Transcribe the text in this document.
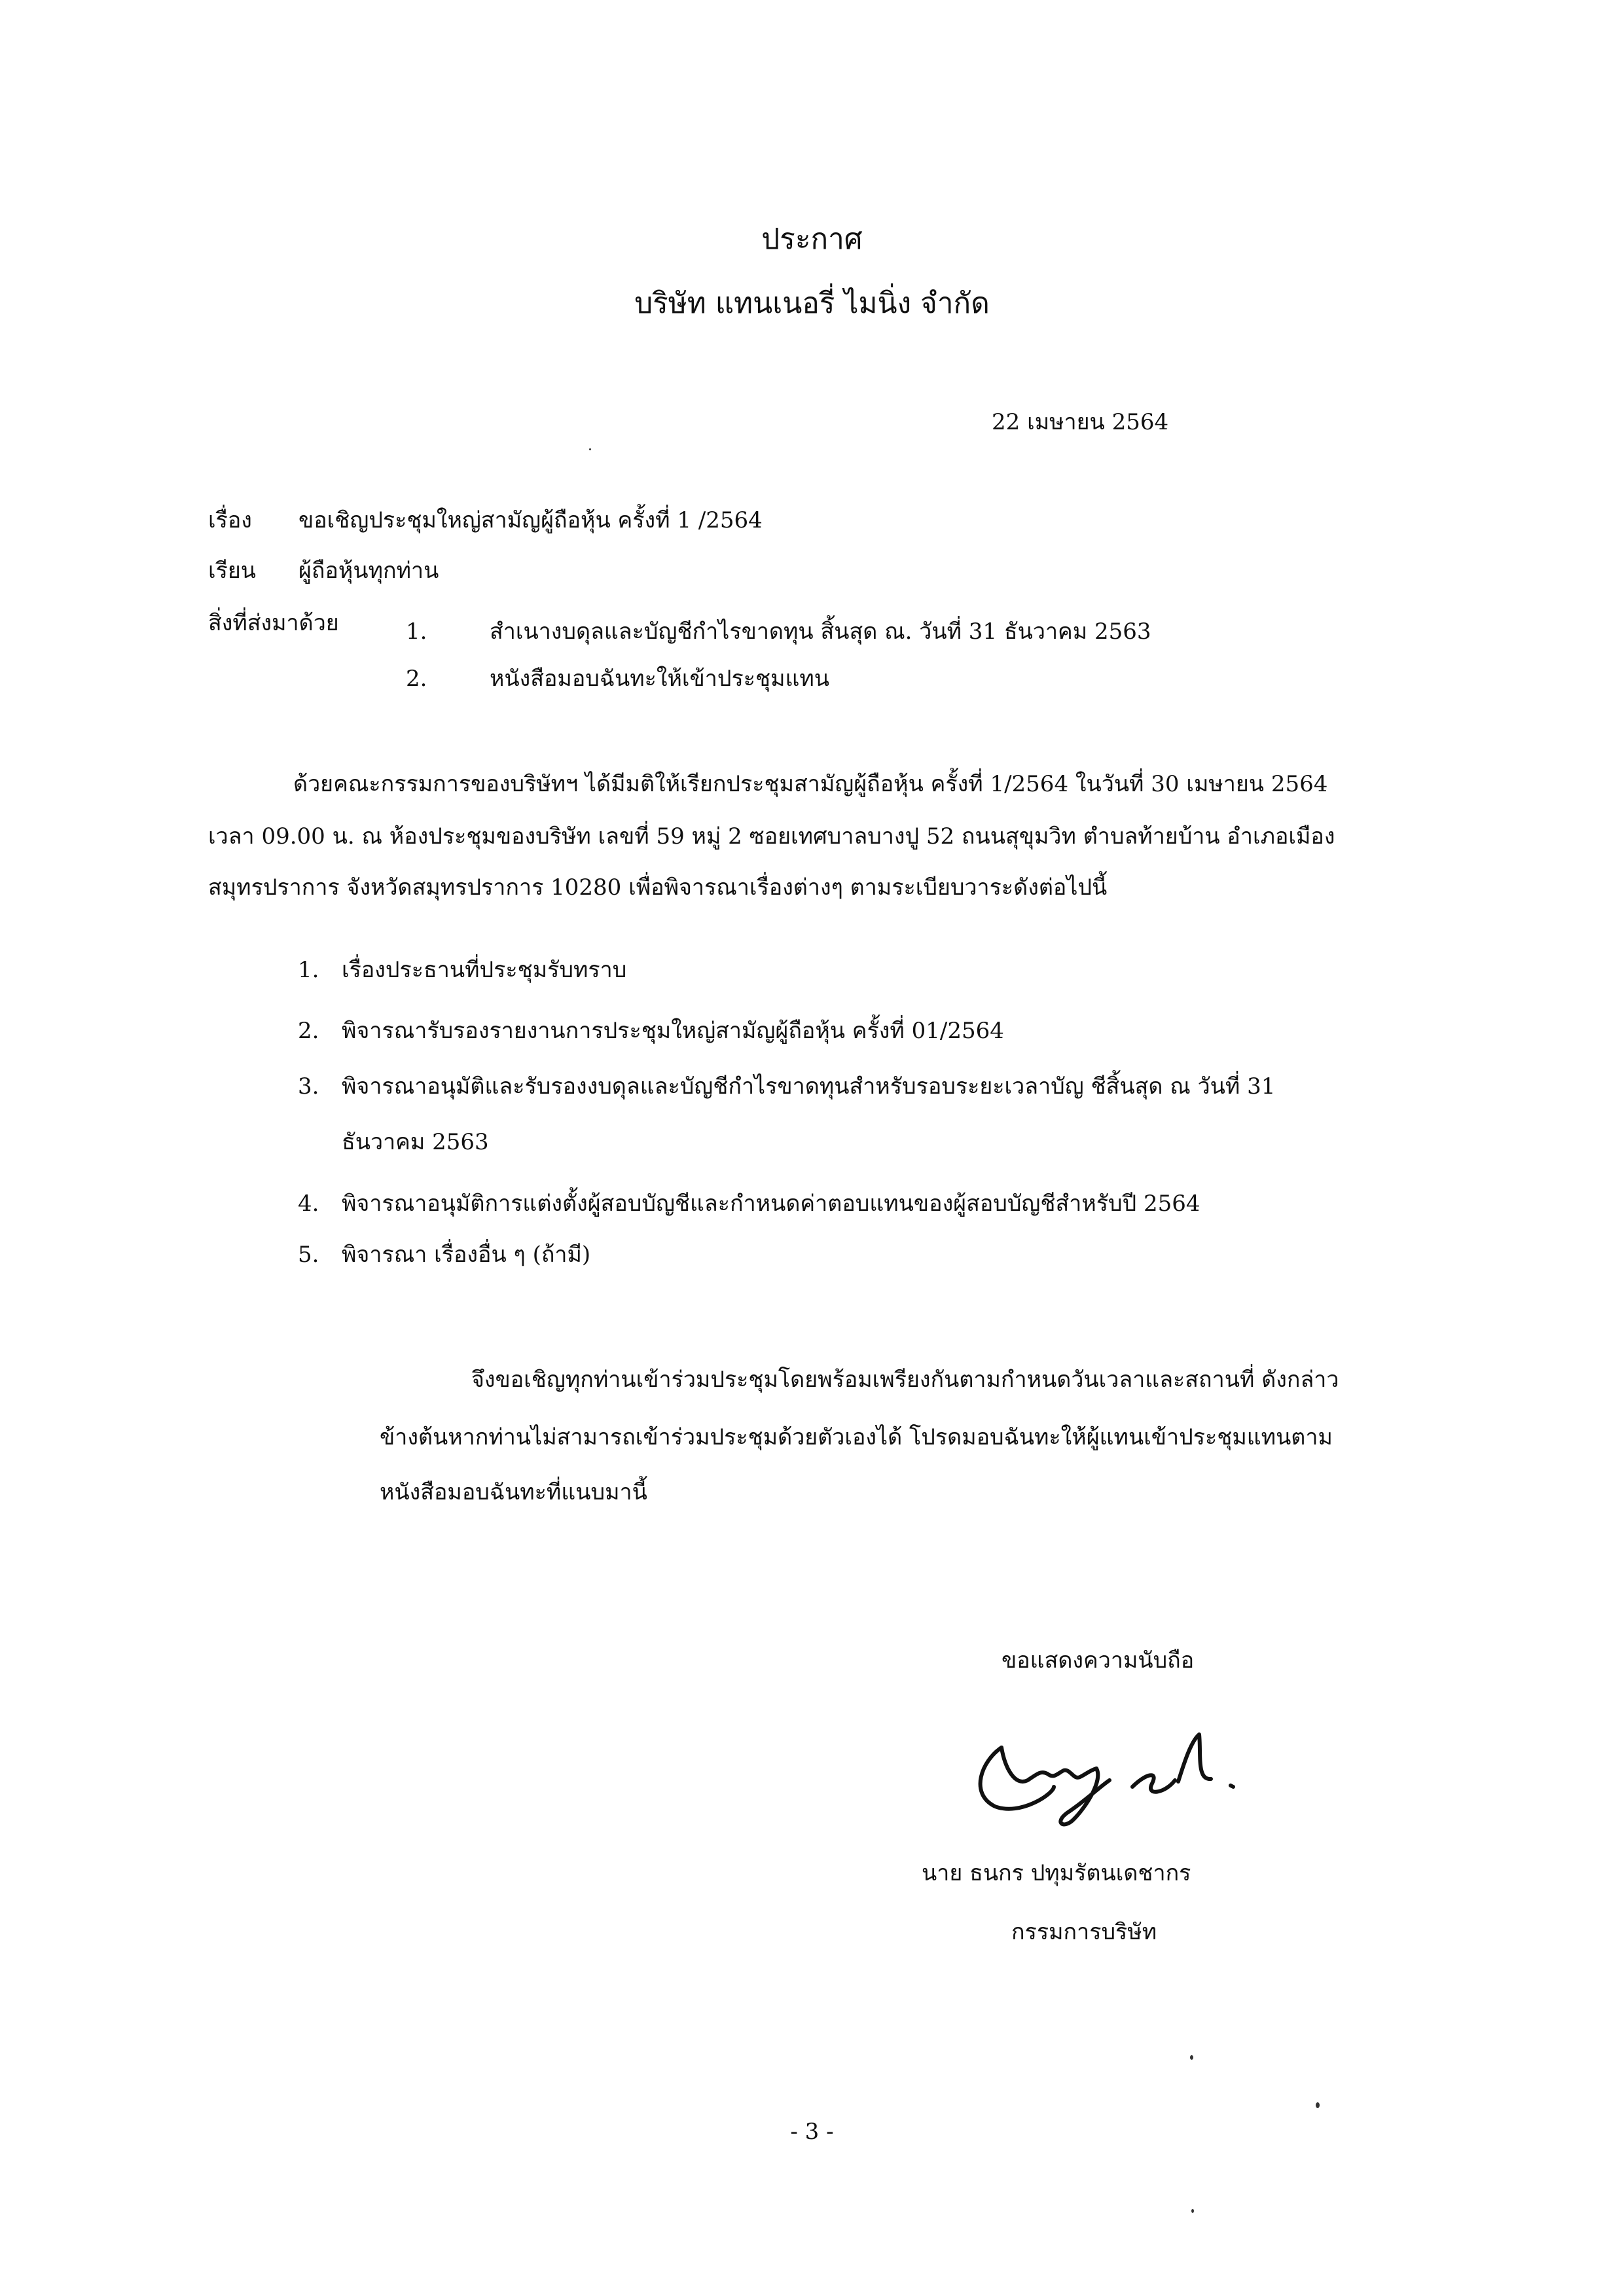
ประกาศ
บริษัท แทนเนอรี่ ไมนิ่ง จำกัด
22 เมษายน 2564
เรื่อง ขอเชิญประชุมใหญ่สามัญผู้ถือหุ้น ครั้งที่ 1 /2564
เรียน ผู้ถือหุ้นทุกท่าน
สิ่งที่ส่งมาด้วย	1.	สำเนางบดุลและบัญชีกำไรขาดทุน สิ้นสุด ณ. วันที่ 31 ธันวาคม 2563
2.	หนังสือมอบฉันทะให้เข้าประชุมแทน
ด้วยคณะกรรมการของบริษัทฯ ได้มีมติให้เรียกประชุมสามัญผู้ถือหุ้น ครั้งที่ 1/2564 ในวันที่ 30 เมษายน 2564
เวลา 09.00 น. ณ ห้องประชุมของบริษัท เลขที่ 59 หมู่ 2 ซอยเทศบาลบางปู 52 ถนนสุขุมวิท ตำบลท้ายบ้าน อำเภอเมือง
สมุทรปราการ จังหวัดสมุทรปราการ 10280 เพื่อพิจารณาเรื่องต่างๆ ตามระเบียบวาระดังต่อไปนี้
1. เรื่องประธานที่ประชุมรับทราบ
2. พิจารณารับรองรายงานการประชุมใหญ่สามัญผู้ถือหุ้น ครั้งที่ 01/2564
3. พิจารณาอนุมัติและรับรองงบดุลและบัญชีกำไรขาดทุนสำหรับรอบระยะเวลาบัญ ชีสิ้นสุด ณ วันที่ 31
ธันวาคม 2563
4. พิจารณาอนุมัติการแต่งตั้งผู้สอบบัญชีและกำหนดค่าตอบแทนของผู้สอบบัญชีสำหรับปี 2564
5. พิจารณา เรื่องอื่น ๆ (ถ้ามี)
จึงขอเชิญทุกท่านเข้าร่วมประชุมโดยพร้อมเพรียงกันตามกำหนดวันเวลาและสถานที่ ดังกล่าว
ข้างต้นหากท่านไม่สามารถเข้าร่วมประชุมด้วยตัวเองได้ โปรดมอบฉันทะให้ผู้แทนเข้าประชุมแทนตาม
หนังสือมอบฉันทะที่แนบมานี้
ขอแสดงความนับถือ
นาย ธนกร ปทุมรัตนเดชากร
กรรมการบริษัท
- 3 -
